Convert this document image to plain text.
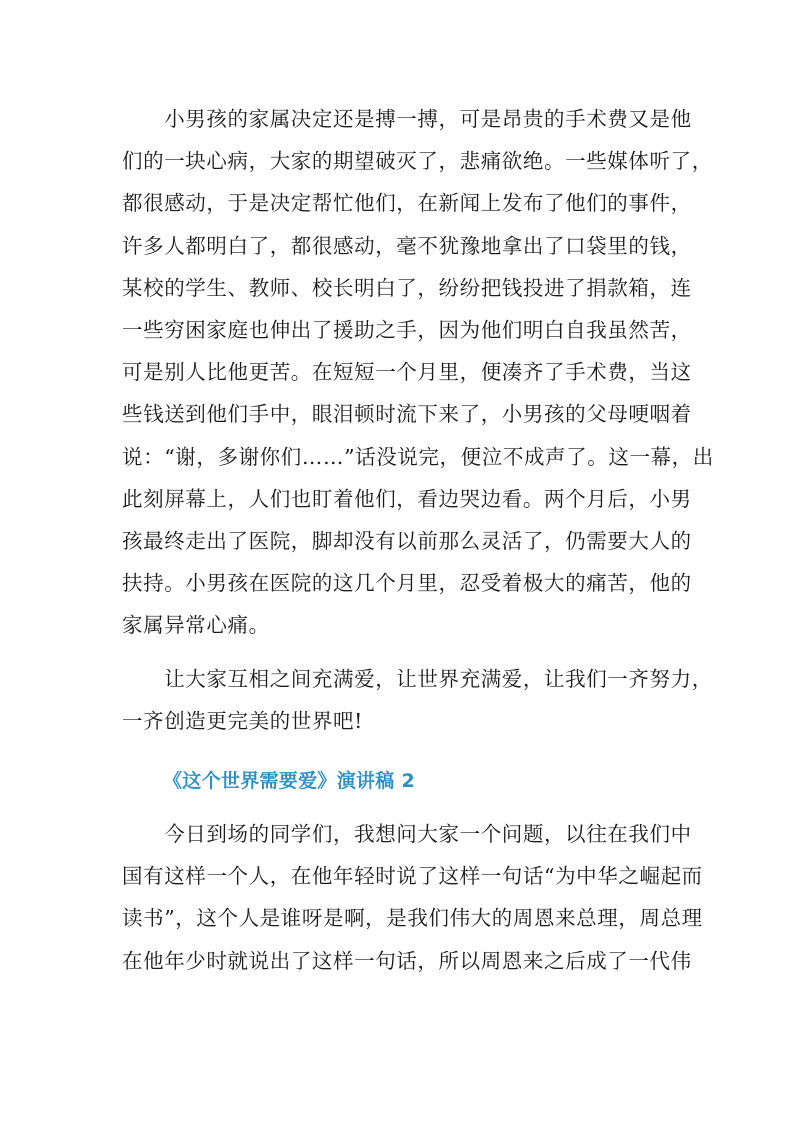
　　小男孩的家属决定还是搏一搏，可是昂贵的手术费又是他
们的一块心病，大家的期望破灭了，悲痛欲绝。一些媒体听了，
都很感动，于是决定帮忙他们，在新闻上发布了他们的事件，
许多人都明白了，都很感动，毫不犹豫地拿出了口袋里的钱，
某校的学生、教师、校长明白了，纷纷把钱投进了捐款箱，连
一些穷困家庭也伸出了援助之手，因为他们明白自我虽然苦，
可是别人比他更苦。在短短一个月里，便凑齐了手术费，当这
些钱送到他们手中，眼泪顿时流下来了，小男孩的父母哽咽着
说：“谢，多谢你们……”话没说完，便泣不成声了。这一幕，出
此刻屏幕上，人们也盯着他们，看边哭边看。两个月后，小男
孩最终走出了医院，脚却没有以前那么灵活了，仍需要大人的
扶持。小男孩在医院的这几个月里，忍受着极大的痛苦，他的
家属异常心痛。
　　让大家互相之间充满爱，让世界充满爱，让我们一齐努力，
一齐创造更完美的世界吧!
《这个世界需要爱》演讲稿 2
　　今日到场的同学们，我想问大家一个问题，以往在我们中
国有这样一个人，在他年轻时说了这样一句话“为中华之崛起而
读书”，这个人是谁呀是啊，是我们伟大的周恩来总理，周总理
在他年少时就说出了这样一句话，所以周恩来之后成了一代伟
